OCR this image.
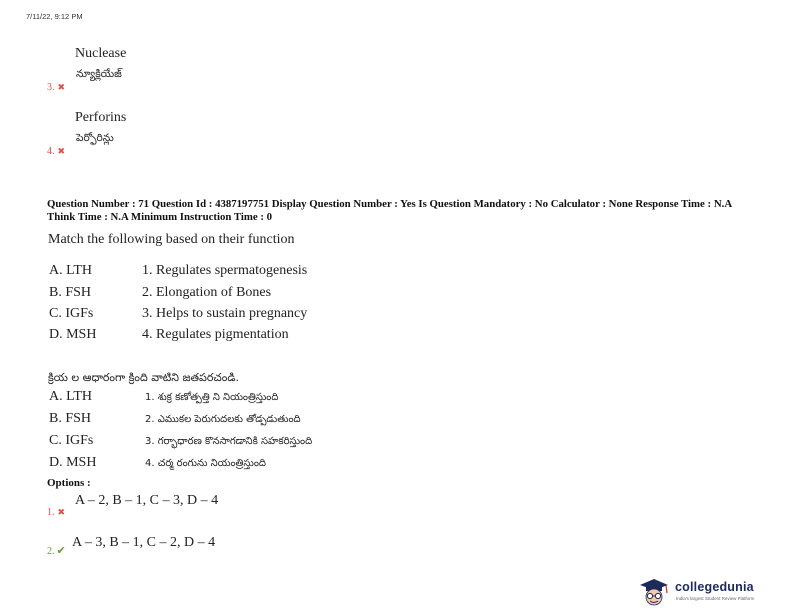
7/11/22, 9:12 PM
Nuclease
న్యూక్లియేజ్
3. ✖
Perforins
పెర్ఫోరిన్లు
4. ✖
Question Number : 71 Question Id : 4387197751 Display Question Number : Yes Is Question Mandatory : No Calculator : None Response Time : N.A Think Time : N.A Minimum Instruction Time : 0
Match the following based on their function
A. LTH	1. Regulates spermatogenesis
B. FSH	2. Elongation of Bones
C. IGFs	3. Helps to sustain pregnancy
D. MSH	4. Regulates pigmentation
క్రియ ల ఆధారంగా క్రింది వాటిని జతపరచండి.
A. LTH	1. శుక్ర కణోత్పత్తి ని నియంత్రిస్తుంది
B. FSH	2. ఎముకల పెరుగుదలకు తోడ్పడుతుంది
C. IGFs	3. గర్భాధారణ కొనసాగడానికి సహకరిస్తుంది
D. MSH	4. చర్మ రంగును నియంత్రిస్తుంది
Options :
A – 2, B – 1, C – 3, D – 4
1. ✖
A – 3, B – 1, C – 2, D – 4
2. ✔
collegedunia
India's largest Student Review Platform
